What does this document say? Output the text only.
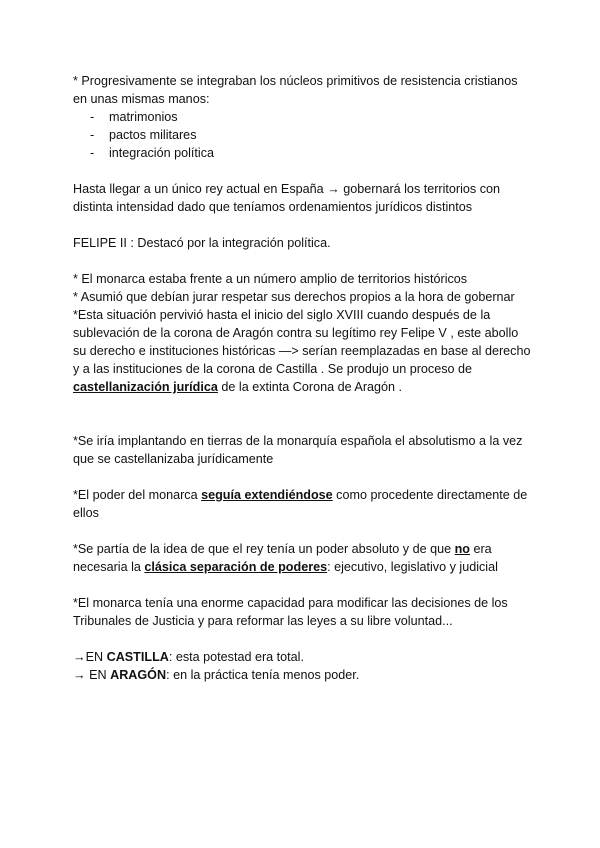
* Progresivamente se integraban los núcleos primitivos de resistencia cristianos en unas mismas manos:

- matrimonios
- pactos militares
- integración política

Hasta llegar a un único rey actual en España → gobernará los territorios con distinta intensidad dado que teníamos ordenamientos jurídicos distintos

FELIPE II : Destacó por la integración política.

* El monarca estaba frente a un número amplio de territorios históricos

* Asumió que debían jurar respetar sus derechos propios a la hora de gobernar

*Esta situación pervivió hasta el inicio del siglo XVIII cuando después de la sublevación de la corona de Aragón contra su legítimo rey Felipe V , este abollo su derecho e instituciones históricas —> serían reemplazadas en base al derecho y a las instituciones de la corona de Castilla . Se produjo un proceso de castellanización jurídica de la extinta Corona de Aragón .

*Se iría implantando en tierras de la monarquía española el absolutismo a la vez que se castellanizaba jurídicamente

*El poder del monarca seguía extendiéndose como procedente directamente de ellos

*Se partía de la idea de que el rey tenía un poder absoluto y de que no era necesaria la clásica separación de poderes: ejecutivo, legislativo y judicial

*El monarca tenía una enorme capacidad para modificar las decisiones de los Tribunales de Justicia y para reformar las leyes a su libre voluntad...

→EN CASTILLA: esta potestad era total.

→ EN ARAGÓN: en la práctica tenía menos poder.
